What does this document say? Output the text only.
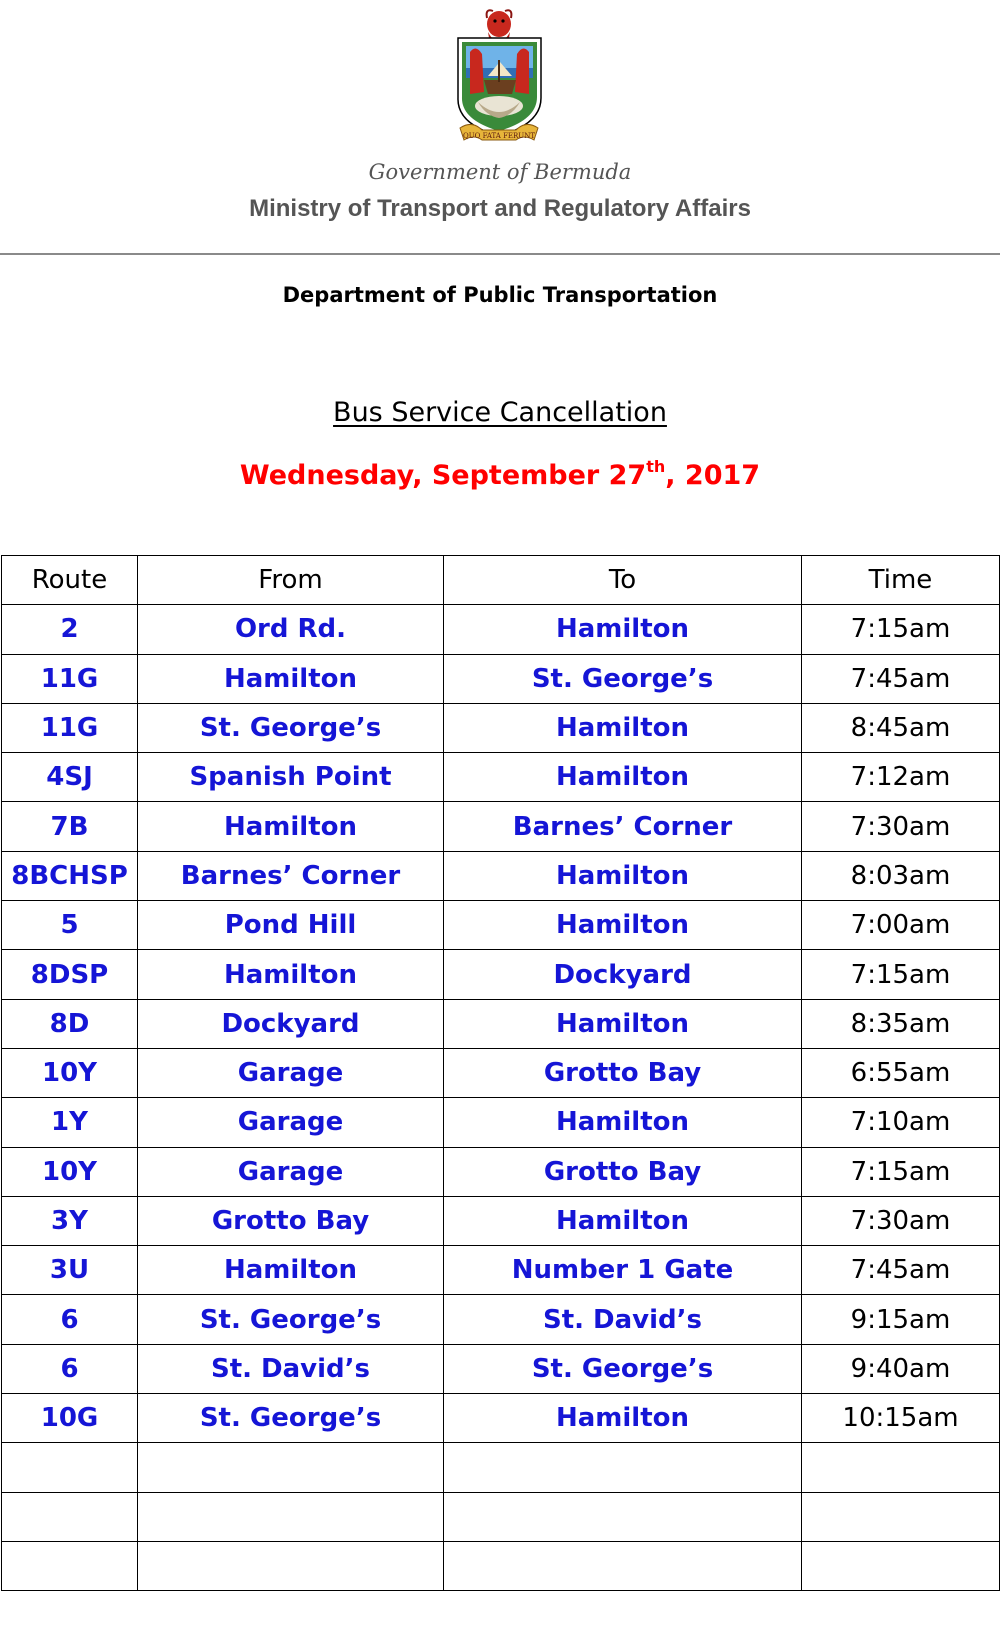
QUO FATA FERUNT
Government of Bermuda
Ministry of Transport and Regulatory Affairs
Department of Public Transportation
Bus Service Cancellation
Wednesday, September 27th, 2017
Route	From	To	Time
2	Ord Rd.	Hamilton	7:15am
11G	Hamilton	St. George’s	7:45am
11G	St. George’s	Hamilton	8:45am
4SJ	Spanish Point	Hamilton	7:12am
7B	Hamilton	Barnes’ Corner	7:30am
8BCHSP	Barnes’ Corner	Hamilton	8:03am
5	Pond Hill	Hamilton	7:00am
8DSP	Hamilton	Dockyard	7:15am
8D	Dockyard	Hamilton	8:35am
10Y	Garage	Grotto Bay	6:55am
1Y	Garage	Hamilton	7:10am
10Y	Garage	Grotto Bay	7:15am
3Y	Grotto Bay	Hamilton	7:30am
3U	Hamilton	Number 1 Gate	7:45am
6	St. George’s	St. David’s	9:15am
6	St. David’s	St. George’s	9:40am
10G	St. George’s	Hamilton	10:15am
